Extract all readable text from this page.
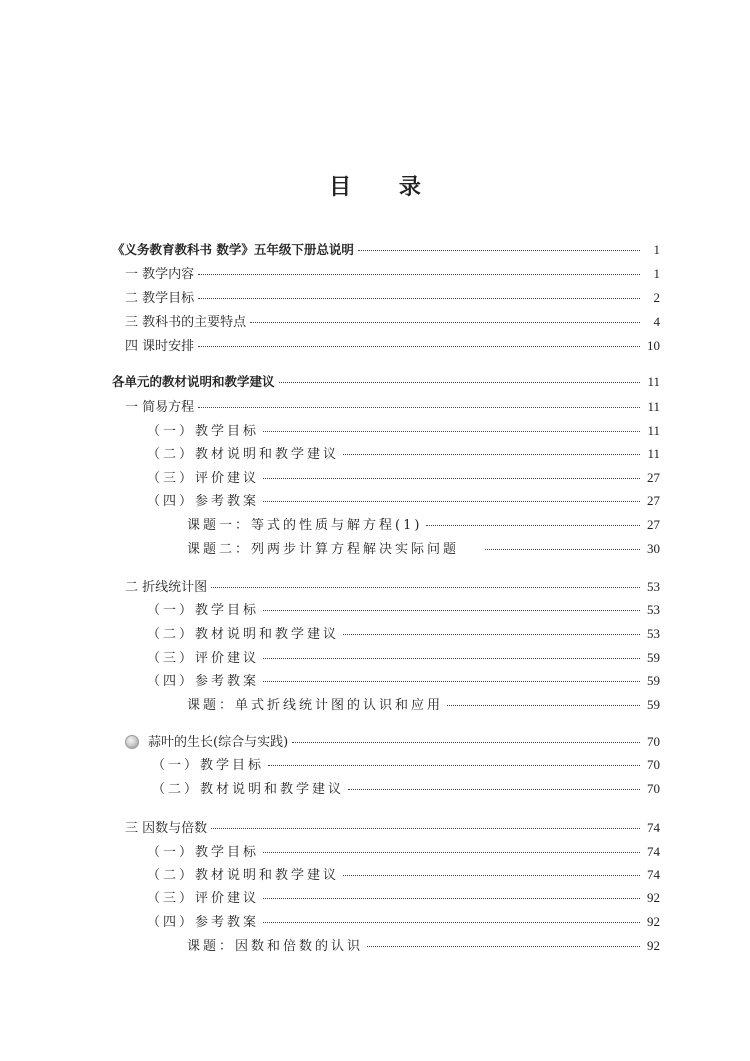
目 录
《义务教育教科书 数学》五年级下册总说明	1
一 教学内容	1
二 教学目标	2
三 教科书的主要特点	4
四 课时安排	10
各单元的教材说明和教学建议	11
一 简易方程	11
（一）教学目标	11
（二）教材说明和教学建议	11
（三）评价建议	27
（四）参考教案	27
课题一：等式的性质与解方程(1)	27
课题二：列两步计算方程解决实际问题	30
二 折线统计图	53
（一）教学目标	53
（二）教材说明和教学建议	53
（三）评价建议	59
（四）参考教案	59
课题：单式折线统计图的认识和应用	59
蒜叶的生长(综合与实践)	70
（一）教学目标	70
（二）教材说明和教学建议	70
三 因数与倍数	74
（一）教学目标	74
（二）教材说明和教学建议	74
（三）评价建议	92
（四）参考教案	92
课题：因数和倍数的认识	92
